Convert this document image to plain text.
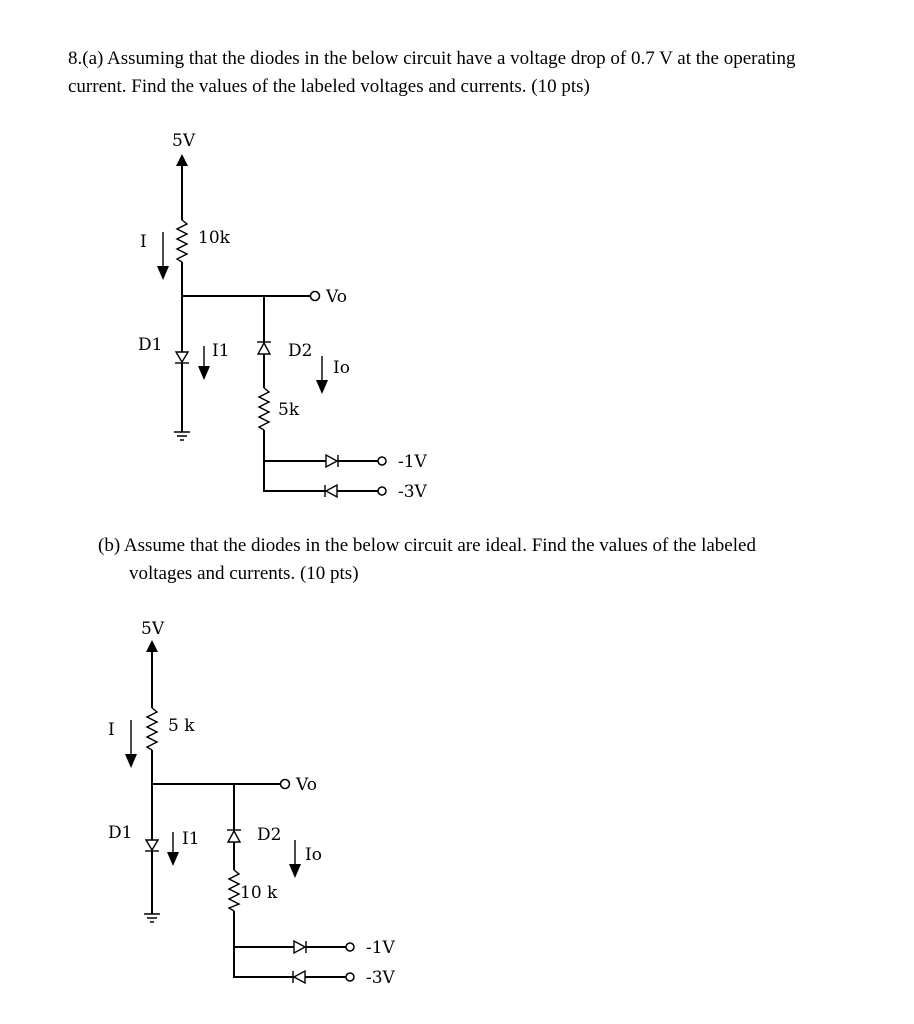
8.(a) Assuming that the diodes in the below circuit have a voltage drop of 0.7 V at the operating
current. Find the values of the labeled voltages and currents. (10 pts)
5V
10k
I
Vo
D1	I1	D2
Io
5k
-1V
-3V
(b) Assume that the diodes in the below circuit are ideal. Find the values of the labeled
voltages and currents. (10 pts)
5V
5 k
I
Vo
D1	I1	D2
Io
10 k
-1V
-3V
